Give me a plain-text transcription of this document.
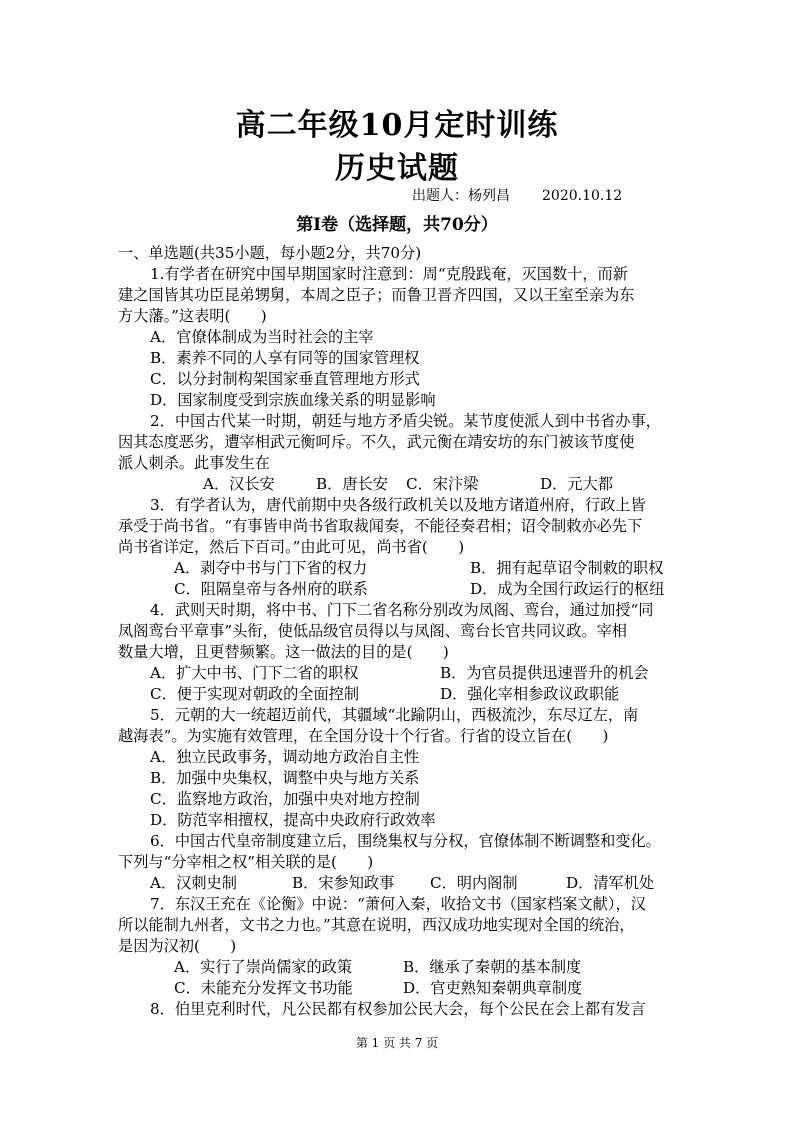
高二年级10月定时训练
历史试题
出题人：杨列昌 2020.10.12
第Ⅰ卷（选择题，共70分）
一、单选题(共35小题，每小题2分，共70分)
1.有学者在研究中国早期国家时注意到：周“克殷践奄，灭国数十，而新
建之国皆其功臣昆弟甥舅，本周之臣子；而鲁卫晋齐四国，又以王室至亲为东
方大藩。”这表明(　　)
A．官僚体制成为当时社会的主宰
B．素养不同的人享有同等的国家管理权
C．以分封制构架国家垂直管理地方形式
D．国家制度受到宗族血缘关系的明显影响
2．中国古代某一时期，朝廷与地方矛盾尖锐。某节度使派人到中书省办事，
因其态度恶劣，遭宰相武元衡呵斥。不久，武元衡在靖安坊的东门被该节度使
派人刺杀。此事发生在
A．汉长安	B．唐长安 C．宋汴梁	D．元大都
3．有学者认为，唐代前期中央各级行政机关以及地方诸道州府，行政上皆
承受于尚书省。“有事皆申尚书省取裁闻奏，不能径奏君相；诏令制敕亦必先下
尚书省详定，然后下百司。”由此可见，尚书省(　　)
A．剥夺中书与门下省的权力	B．拥有起草诏令制敕的职权
C．阻隔皇帝与各州府的联系	D．成为全国行政运行的枢纽
4．武则天时期，将中书、门下二省名称分别改为凤阁、鸾台，通过加授“同
凤阁鸾台平章事”头衔，使低品级官员得以与凤阁、鸾台长官共同议政。宰相
数量大增，且更替频繁。这一做法的目的是(　　)
A．扩大中书、门下二省的职权	B．为官员提供迅速晋升的机会
C．便于实现对朝政的全面控制	D．强化宰相参政议政职能
5．元朝的大一统超迈前代，其疆域“北踰阴山，西极流沙，东尽辽左，南
越海表”。为实施有效管理，在全国分设十个行省。行省的设立旨在(　　)
A．独立民政事务，调动地方政治自主性
B．加强中央集权，调整中央与地方关系
C．监察地方政治，加强中央对地方控制
D．防范宰相擅权，提高中央政府行政效率
6．中国古代皇帝制度建立后，围绕集权与分权，官僚体制不断调整和变化。
下列与“分宰相之权”相关联的是(　　)
A．汉刺史制	B．宋参知政事 C．明内阁制	D．清军机处
7．东汉王充在《论衡》中说：“萧何入秦，收拾文书（国家档案文献），汉
所以能制九州者，文书之力也。”其意在说明，西汉成功地实现对全国的统治，
是因为汉初(　　)
A．实行了崇尚儒家的政策	B．继承了秦朝的基本制度
C．未能充分发挥文书功能	D．官吏熟知秦朝典章制度
8．伯里克利时代，凡公民都有权参加公民大会，每个公民在会上都有发言
第 1 页 共 7 页
